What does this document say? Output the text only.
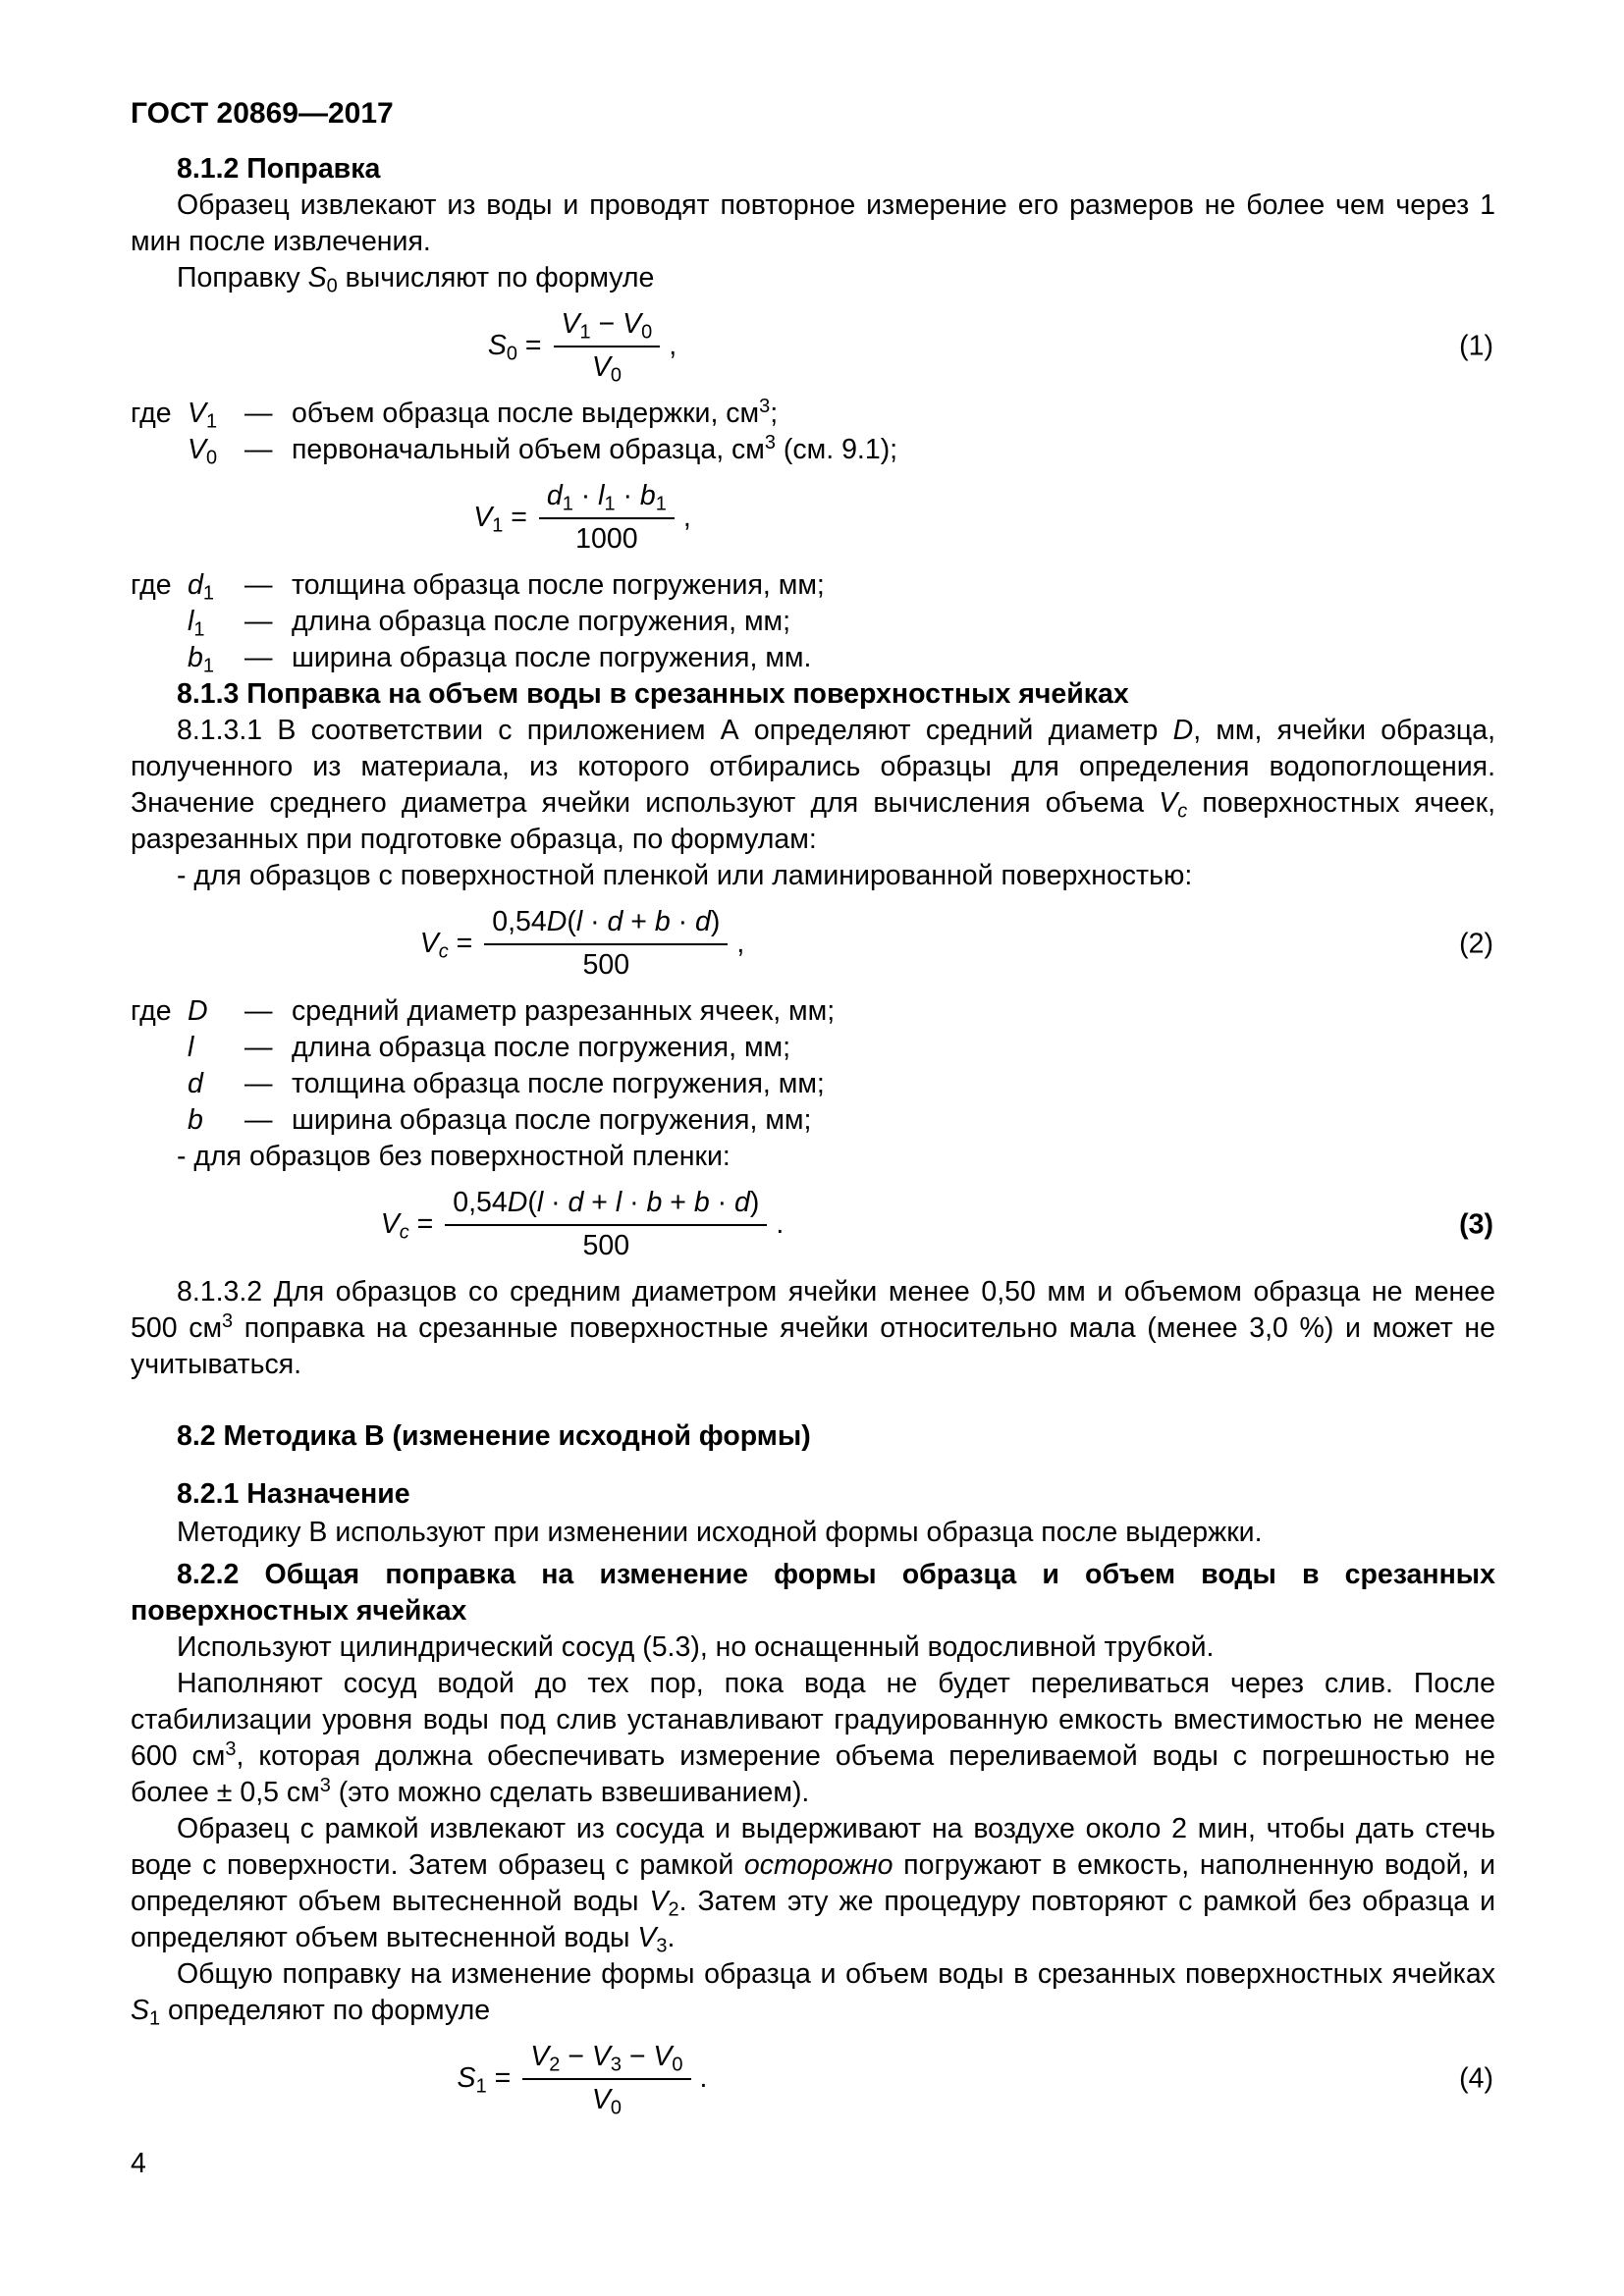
ГОСТ 20869—2017
8.1.2 Поправка

Образец извлекают из воды и проводят повторное измерение его размеров не более чем через 1 мин после извлечения.

Поправку $S_0$ вычисляют по формуле

$S_0 = \frac{V_1 - V_0}{V_0}$ ,	(1)
где $V_1$ — объем образца после выдержки, $см^3$;
$V_0$ — первоначальный объем образца, $см^3$ (см. 9.1);
$V_1 = \frac{d_1 \cdot l_1 \cdot b_1}{1000}$ ,
где $d_1$	— толщина образца после погружения, мм;
$l_1$	— длина образца после погружения, мм;
$b_1$	— ширина образца после погружения, мм.
8.1.3 Поправка на объем воды в срезанных поверхностных ячейках

8.1.3.1 В соответствии с приложением А определяют средний диаметр D, мм, ячейки образца, полученного из материала, из которого отбирались образцы для определения водопоглощения. Значение среднего диаметра ячейки используют для вычисления объема $V_c$ поверхностных ячеек, разрезанных при подготовке образца, по формулам:

- для образцов с поверхностной пленкой или ламинированной поверхностью:

$V_c = \frac{0,54D(l \cdot d + b \cdot d)}{500}$ ,	(2)
где D	— средний диаметр разрезанных ячеек, мм;
l	— длина образца после погружения, мм;
d	— толщина образца после погружения, мм;
b	— ширина образца после погружения, мм;

- для образцов без поверхностной пленки:

$V_c = \frac{0,54D(l \cdot d + l \cdot b + b \cdot d)}{500}$ .	(3)

8.1.3.2 Для образцов со средним диаметром ячейки менее 0,50 мм и объемом образца не менее 500 $см^3$ поправка на срезанные поверхностные ячейки относительно мала (менее 3,0 %) и может не учитываться.

8.2 Методика В (изменение исходной формы)
8.2.1 Назначение

Методику В используют при изменении исходной формы образца после выдержки.

8.2.2 Общая поправка на изменение формы образца и объем воды в срезанных поверхностных ячейках

Используют цилиндрический сосуд (5.3), но оснащенный водосливной трубкой.

Наполняют сосуд водой до тех пор, пока вода не будет переливаться через слив. После стабилизации уровня воды под слив устанавливают градуированную емкость вместимостью не менее 600 $см^3$, которая должна обеспечивать измерение объема переливаемой воды с погрешностью не более ± 0,5 $см^3$ (это можно сделать взвешиванием).

Образец с рамкой извлекают из сосуда и выдерживают на воздухе около 2 мин, чтобы дать стечь воде с поверхности. Затем образец с рамкой осторожно погружают в емкость, наполненную водой, и определяют объем вытесненной воды $V_2$. Затем эту же процедуру повторяют с рамкой без образца и определяют объем вытесненной воды $V_3$.

Общую поправку на изменение формы образца и объем воды в срезанных поверхностных ячейках $S_1$ определяют по формуле

$S_1 = \frac{V_2 - V_3 - V_0}{V_0}$ .	(4)
4
